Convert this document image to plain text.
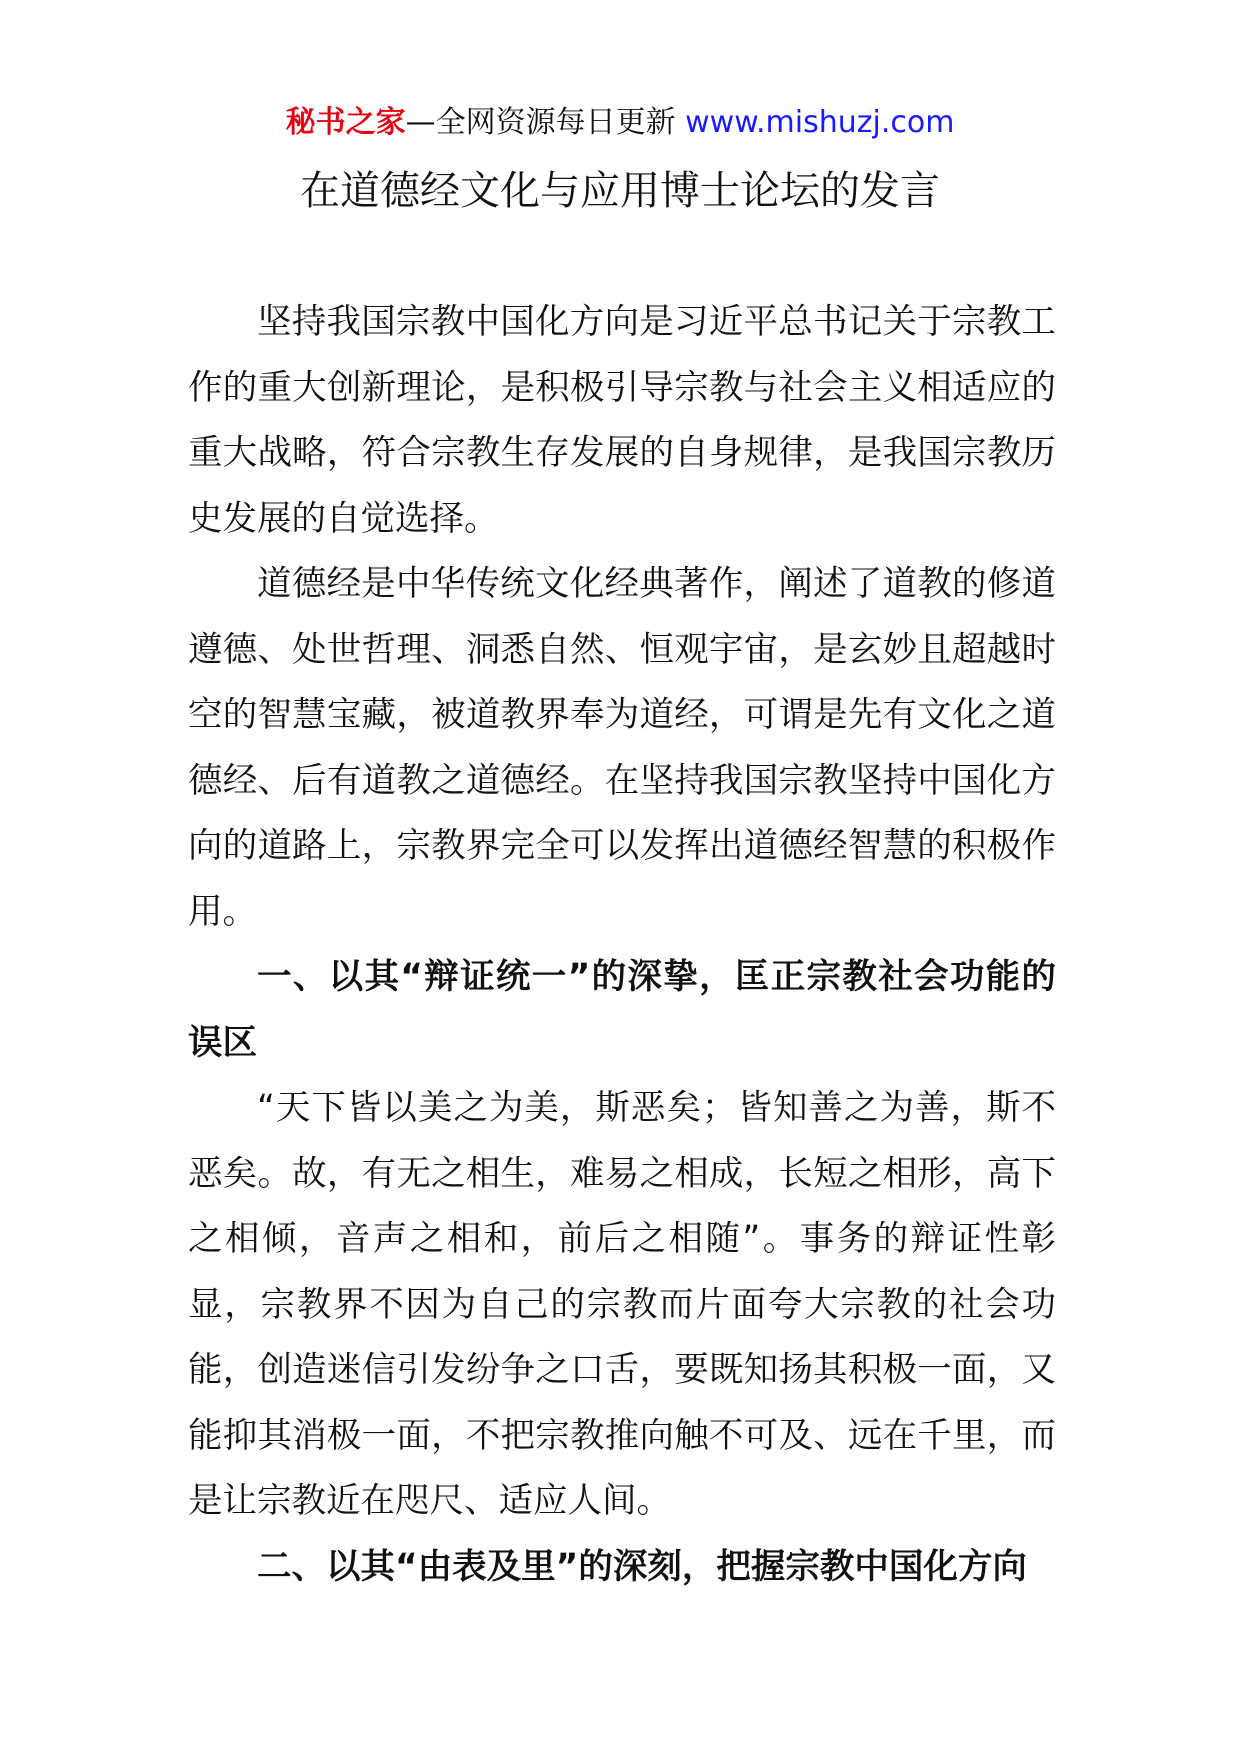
秘书之家—全网资源每日更新 www.mishuzj.com
在道德经文化与应用博士论坛的发言

坚持我国宗教中国化方向是习近平总书记关于宗教工作的重大创新理论，是积极引导宗教与社会主义相适应的重大战略，符合宗教生存发展的自身规律，是我国宗教历史发展的自觉选择。

道德经是中华传统文化经典著作，阐述了道教的修道遵德、处世哲理、洞悉自然、恒观宇宙，是玄妙且超越时空的智慧宝藏，被道教界奉为道经，可谓是先有文化之道德经、后有道教之道德经。在坚持我国宗教坚持中国化方向的道路上，宗教界完全可以发挥出道德经智慧的积极作用。

一、以其“辩证统一”的深挚，匡正宗教社会功能的误区

“天下皆以美之为美，斯恶矣；皆知善之为善，斯不恶矣。故，有无之相生，难易之相成，长短之相形，高下之相倾，音声之相和，前后之相随”。事务的辩证性彰显，宗教界不因为自己的宗教而片面夸大宗教的社会功能，创造迷信引发纷争之口舌，要既知扬其积极一面，又能抑其消极一面，不把宗教推向触不可及、远在千里，而是让宗教近在咫尺、适应人间。

二、以其“由表及里”的深刻，把握宗教中国化方向
